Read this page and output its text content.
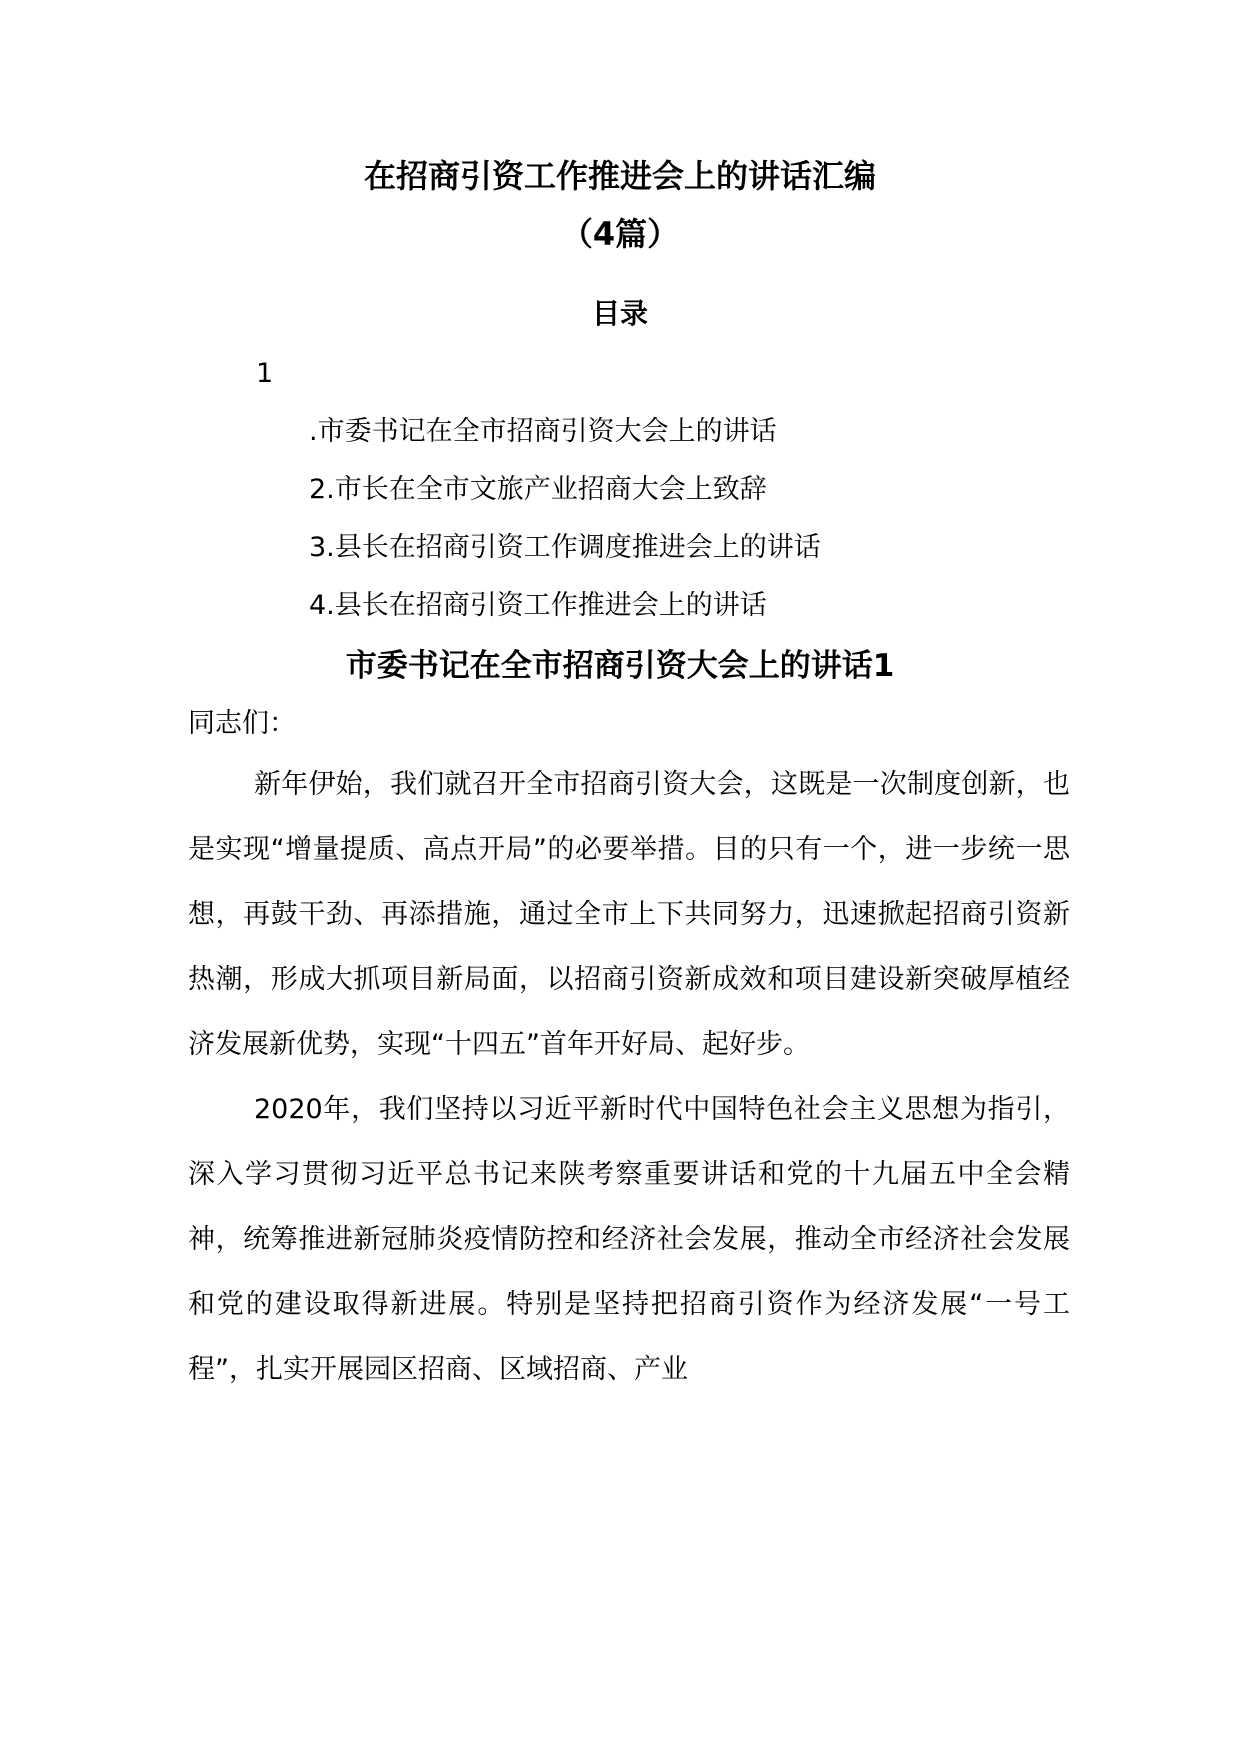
在招商引资工作推进会上的讲话汇编
（4篇）
目录
1
.市委书记在全市招商引资大会上的讲话
2.市长在全市文旅产业招商大会上致辞
3.县长在招商引资工作调度推进会上的讲话
4.县长在招商引资工作推进会上的讲话
市委书记在全市招商引资大会上的讲话1
同志们：

新年伊始，我们就召开全市招商引资大会，这既是一次制度创新，也是实现“增量提质、高点开局”的必要举措。目的只有一个，进一步统一思想，再鼓干劲、再添措施，通过全市上下共同努力，迅速掀起招商引资新热潮，形成大抓项目新局面，以招商引资新成效和项目建设新突破厚植经济发展新优势，实现“十四五”首年开好局、起好步。

2020年，我们坚持以习近平新时代中国特色社会主义思想为指引，深入学习贯彻习近平总书记来陕考察重要讲话和党的十九届五中全会精神，统筹推进新冠肺炎疫情防控和经济社会发展，推动全市经济社会发展和党的建设取得新进展。特别是坚持把招商引资作为经济发展“一号工程”，扎实开展园区招商、区域招商、产业
